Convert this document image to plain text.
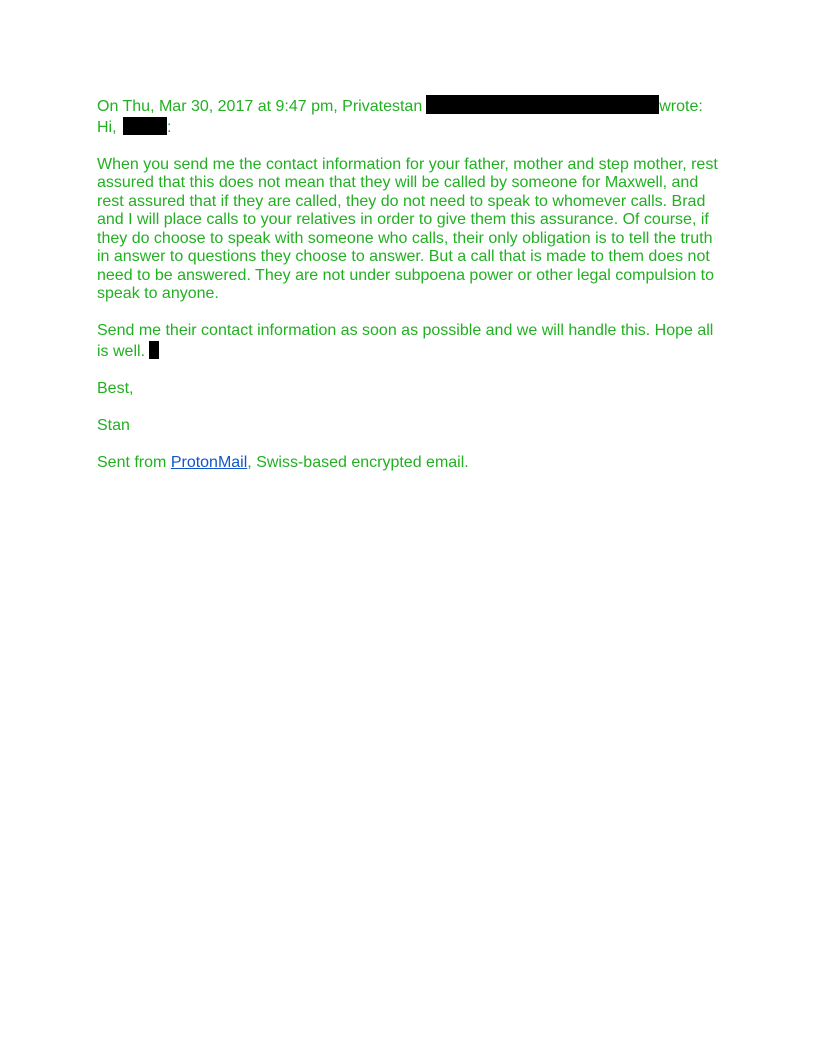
On Thu, Mar 30, 2017 at 9:47 pm, Privatestan	wrote:
Hi,	:

When you send me the contact information for your father, mother and step mother, rest assured that this does not mean that they will be called by someone for Maxwell, and rest assured that if they are called, they do not need to speak to whomever calls. Brad and I will place calls to your relatives in order to give them this assurance. Of course, if they do choose to speak with someone who calls, their only obligation is to tell the truth in answer to questions they choose to answer. But a call that is made to them does not need to be answered. They are not under subpoena power or other legal compulsion to speak to anyone.

Send me their contact information as soon as possible and we will handle this. Hope all is well.

Best,

Stan

Sent from ProtonMail, Swiss-based encrypted email.
